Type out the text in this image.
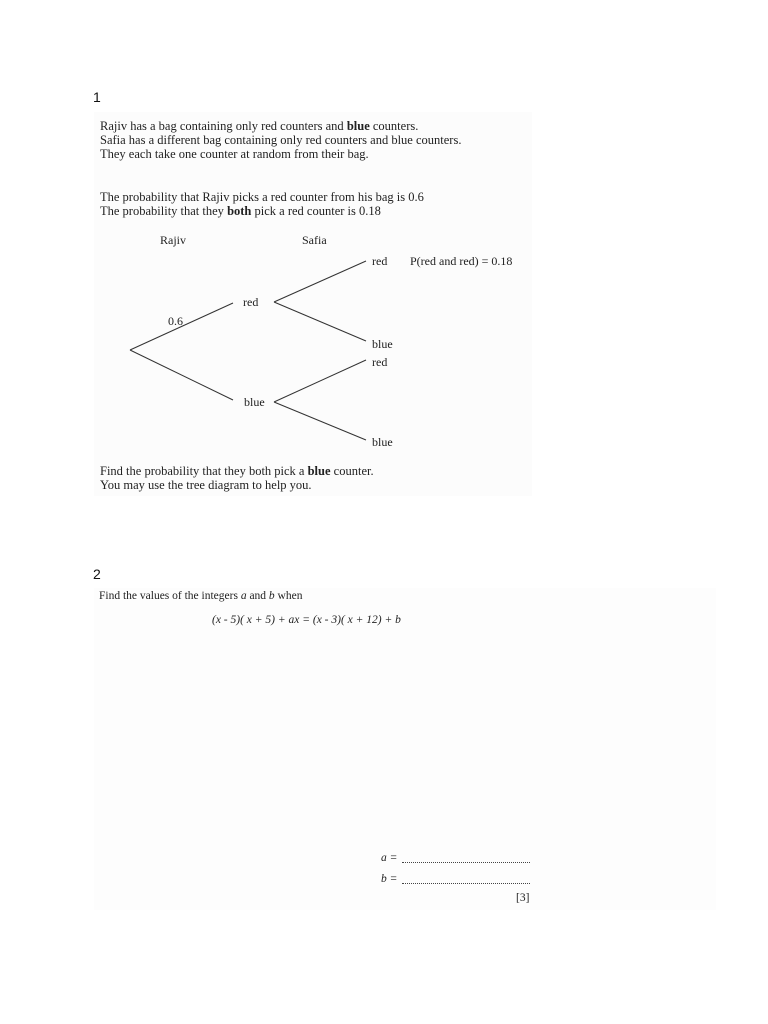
1
Rajiv has a bag containing only red counters and blue counters.
Safia has a different bag containing only red counters and blue counters.
They each take one counter at random from their bag.
The probability that Rajiv picks a red counter from his bag is 0.6
The probability that they both pick a red counter is 0.18
Rajiv	Safia
0.6
red
blue
red
blue
P(red and red) = 0.18
red
blue
Find the probability that they both pick a blue counter.
You may use the tree diagram to help you.
2
Find the values of the integers a and b when
(x - 5)( x + 5) + ax = (x - 3)( x + 12) + b
a =
b =
[3]
